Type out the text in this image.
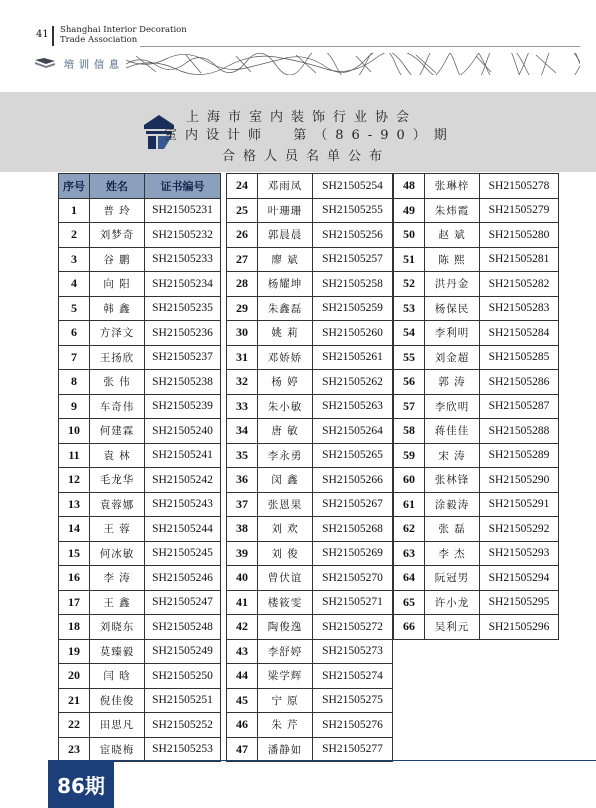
41 Shanghai Interior Decoration
Trade Association
培训信息
上海市室内装饰行业协会
室内设计师  第（86-90）期
合格人员名单公布
序号	姓名	证书编号
1	普 玲	SH21505231
2	刘梦奇	SH21505232
3	谷 鹏	SH21505233
4	向 阳	SH21505234
5	韩 鑫	SH21505235
6	方泽文	SH21505236
7	王扬欣	SH21505237
8	张 伟	SH21505238
9	车奇伟	SH21505239
10	何建霖	SH21505240
11	袁 林	SH21505241
12	毛龙华	SH21505242
13	袁蓉娜	SH21505243
14	王 蓉	SH21505244
15	何冰敏	SH21505245
16	李 涛	SH21505246
17	王 鑫	SH21505247
18	刘晓东	SH21505248
19	莫臻毅	SH21505249
20	闫 晗	SH21505250
21	倪佳俊	SH21505251
22	田思凡	SH21505252
23	宦晓梅	SH21505253
24	邓雨凤	SH21505254
25	叶珊珊	SH21505255
26	郭晨晨	SH21505256
27	廖 斌	SH21505257
28	杨耀坤	SH21505258
29	朱鑫磊	SH21505259
30	姚 莉	SH21505260
31	邓娇娇	SH21505261
32	杨 婷	SH21505262
33	朱小敏	SH21505263
34	唐 敏	SH21505264
35	李永勇	SH21505265
36	闵 鑫	SH21505266
37	张恩果	SH21505267
38	刘 欢	SH21505268
39	刘 俊	SH21505269
40	曾伏谊	SH21505270
41	楼筱雯	SH21505271
42	陶俊逸	SH21505272
43	李舒婷	SH21505273
44	梁学辉	SH21505274
45	宁 原	SH21505275
46	朱 芹	SH21505276
47	潘静如	SH21505277
48	张琳梓	SH21505278
49	朱炜霞	SH21505279
50	赵 斌	SH21505280
51	陈 熙	SH21505281
52	洪丹金	SH21505282
53	杨保民	SH21505283
54	李利明	SH21505284
55	刘金超	SH21505285
56	郭 涛	SH21505286
57	李欣明	SH21505287
58	蒋佳佳	SH21505288
59	宋 涛	SH21505289
60	张林锋	SH21505290
61	涂毅涛	SH21505291
62	张 磊	SH21505292
63	李 杰	SH21505293
64	阮冠男	SH21505294
65	许小龙	SH21505295
66	吴利元	SH21505296
86期
